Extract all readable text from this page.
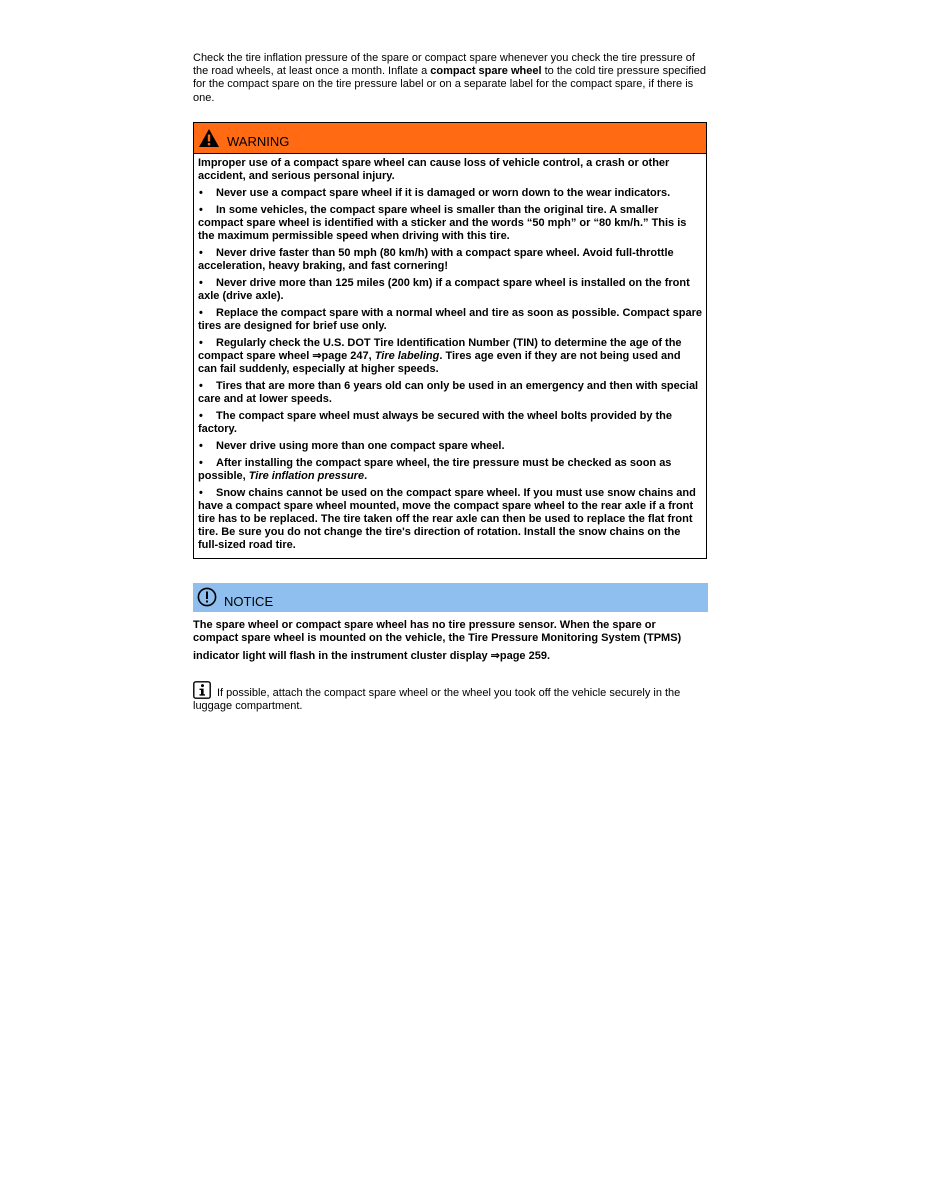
Check the tire inflation pressure of the spare or compact spare whenever you check the tire pressure of the road wheels, at least once a month. Inflate a compact spare wheel to the cold tire pressure specified for the compact spare on the tire pressure label or on a separate label for the compact spare, if there is one.
WARNING

Improper use of a compact spare wheel can cause loss of vehicle control, a crash or other accident, and serious personal injury.

• Never use a compact spare wheel if it is damaged or worn down to the wear indicators.

• In some vehicles, the compact spare wheel is smaller than the original tire. A smaller compact spare wheel is identified with a sticker and the words “50 mph” or “80 km/h.” This is the maximum permissible speed when driving with this tire.

• Never drive faster than 50 mph (80 km/h) with a compact spare wheel. Avoid full-throttle acceleration, heavy braking, and fast cornering!

• Never drive more than 125 miles (200 km) if a compact spare wheel is installed on the front axle (drive axle).

• Replace the compact spare with a normal wheel and tire as soon as possible. Compact spare tires are designed for brief use only.

• Regularly check the U.S. DOT Tire Identification Number (TIN) to determine the age of the compact spare wheel ⇒page 247, Tire labeling. Tires age even if they are not being used and can fail suddenly, especially at higher speeds.

• Tires that are more than 6 years old can only be used in an emergency and then with special care and at lower speeds.

• The compact spare wheel must always be secured with the wheel bolts provided by the factory.

• Never drive using more than one compact spare wheel.

• After installing the compact spare wheel, the tire pressure must be checked as soon as possible, Tire inflation pressure.

• Snow chains cannot be used on the compact spare wheel. If you must use snow chains and have a compact spare wheel mounted, move the compact spare wheel to the rear axle if a front tire has to be replaced. The tire taken off the rear axle can then be used to replace the flat front tire. Be sure you do not change the tire's direction of rotation. Install the snow chains on the full-sized road tire.

NOTICE
The spare wheel or compact spare wheel has no tire pressure sensor. When the spare or
compact spare wheel is mounted on the vehicle, the Tire Pressure Monitoring System (TPMS)
indicator light will flash in the instrument cluster display ⇒page 259.
If possible, attach the compact spare wheel or the wheel you took off the vehicle securely in the luggage compartment.
